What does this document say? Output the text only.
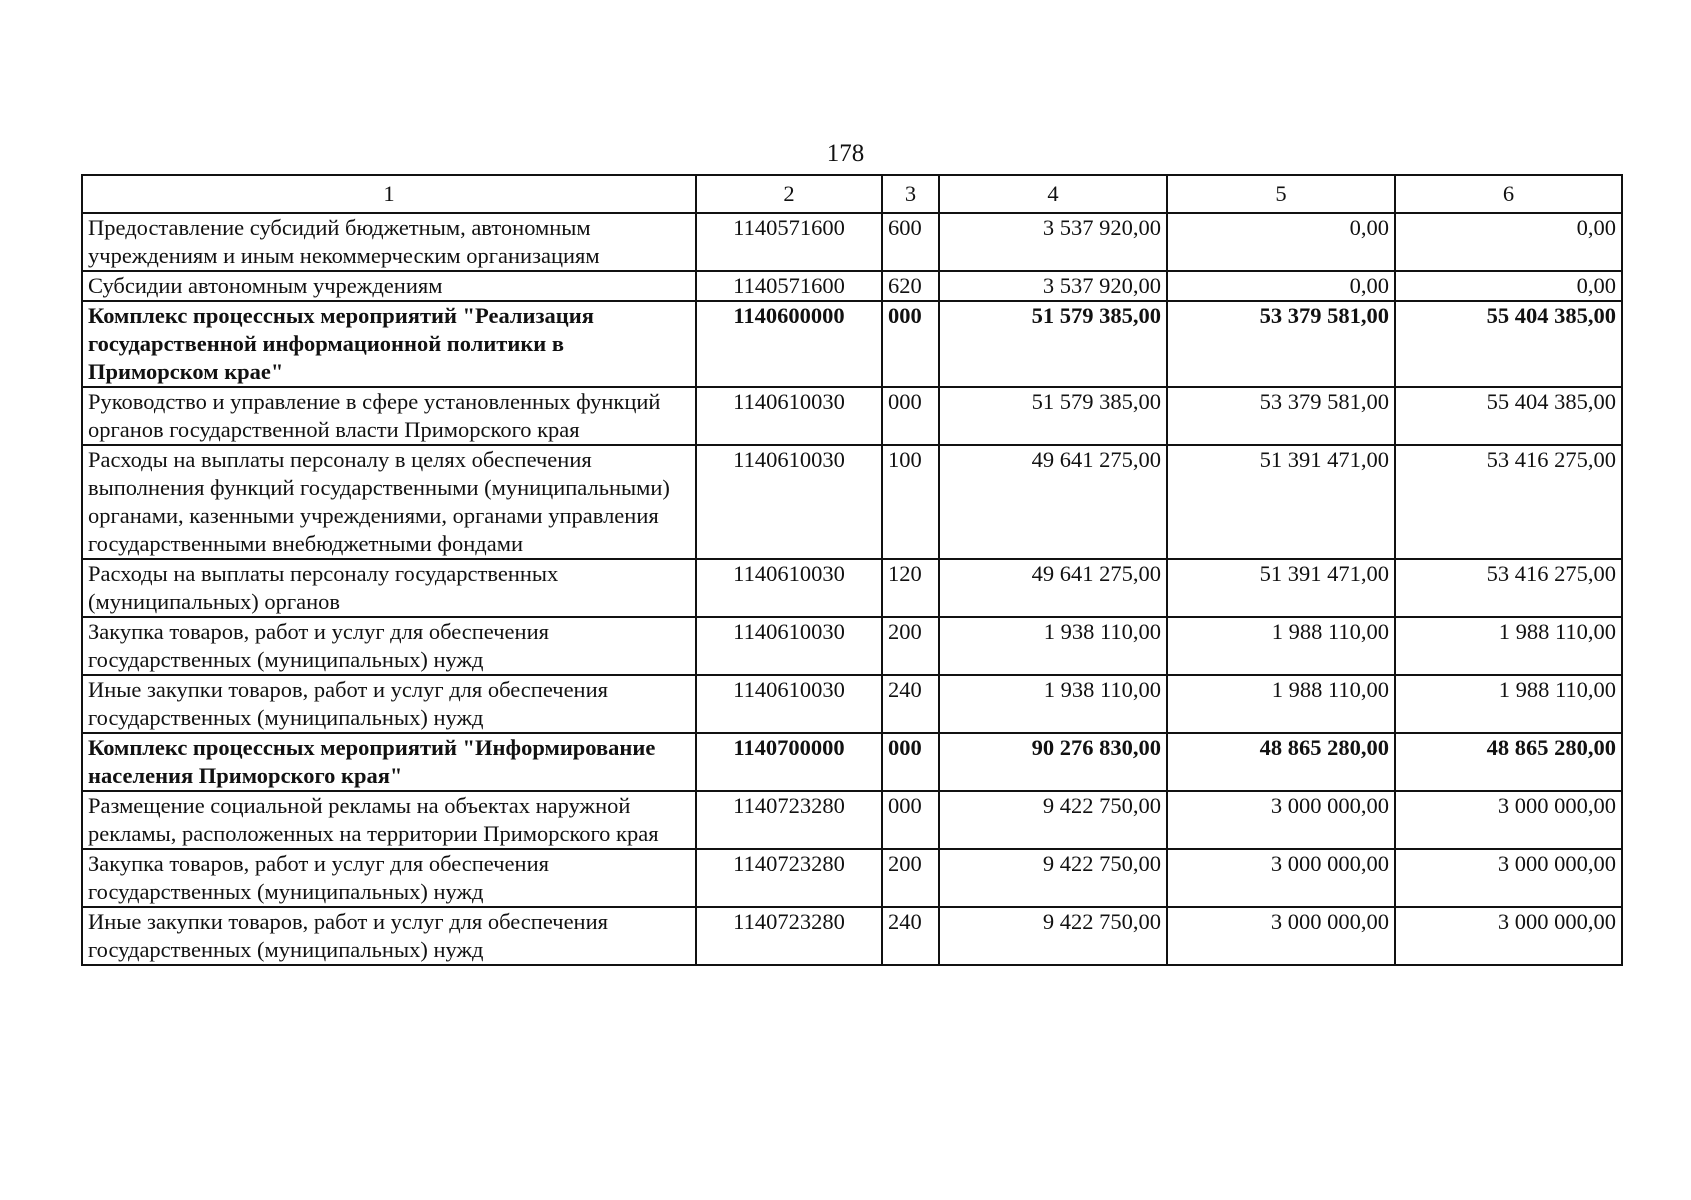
178
1	2	3	4	5	6
Предоставление субсидий бюджетным, автономным учреждениям и иным некоммерческим организациям	1140571600	600	3 537 920,00	0,00	0,00
Субсидии автономным учреждениям	1140571600	620	3 537 920,00	0,00	0,00
Комплекс процессных мероприятий "Реализация государственной информационной политики в Приморском крае"	1140600000	000	51 579 385,00	53 379 581,00	55 404 385,00
Руководство и управление в сфере установленных функций органов государственной власти Приморского края	1140610030	000	51 579 385,00	53 379 581,00	55 404 385,00
Расходы на выплаты персоналу в целях обеспечения выполнения функций государственными (муниципальными) органами, казенными учреждениями, органами управления государственными внебюджетными фондами	1140610030	100	49 641 275,00	51 391 471,00	53 416 275,00
Расходы на выплаты персоналу государственных (муниципальных) органов	1140610030	120	49 641 275,00	51 391 471,00	53 416 275,00
Закупка товаров, работ и услуг для обеспечения государственных (муниципальных) нужд	1140610030	200	1 938 110,00	1 988 110,00	1 988 110,00
Иные закупки товаров, работ и услуг для обеспечения государственных (муниципальных) нужд	1140610030	240	1 938 110,00	1 988 110,00	1 988 110,00
Комплекс процессных мероприятий "Информирование населения Приморского края"	1140700000	000	90 276 830,00	48 865 280,00	48 865 280,00
Размещение социальной рекламы на объектах наружной рекламы, расположенных на территории Приморского края	1140723280	000	9 422 750,00	3 000 000,00	3 000 000,00
Закупка товаров, работ и услуг для обеспечения государственных (муниципальных) нужд	1140723280	200	9 422 750,00	3 000 000,00	3 000 000,00
Иные закупки товаров, работ и услуг для обеспечения государственных (муниципальных) нужд	1140723280	240	9 422 750,00	3 000 000,00	3 000 000,00
